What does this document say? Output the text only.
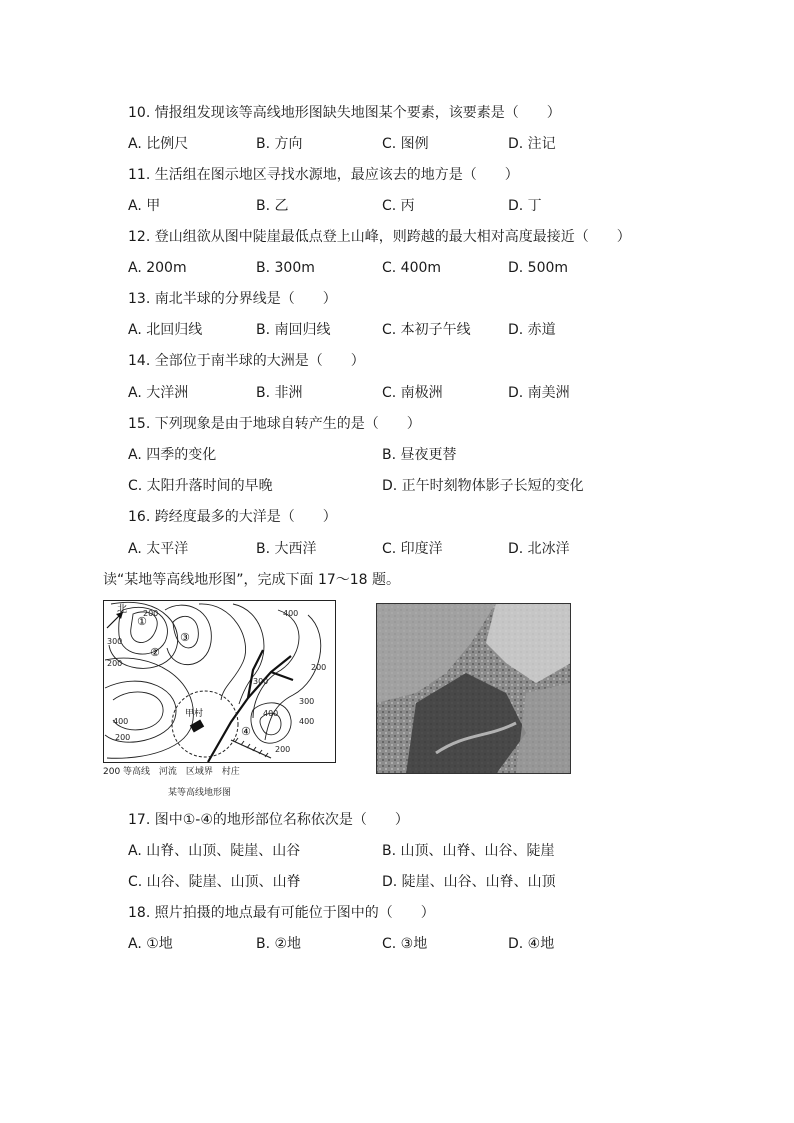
10. 情报组发现该等高线地形图缺失地图某个要素，该要素是（　　）
A. 比例尺	B. 方向	C. 图例	D. 注记
11. 生活组在图示地区寻找水源地，最应该去的地方是（　　）
A. 甲	B. 乙	C. 丙	D. 丁
12. 登山组欲从图中陡崖最低点登上山峰，则跨越的最大相对高度最接近（　　）
A. 200m	B. 300m	C. 400m	D. 500m
13. 南北半球的分界线是（　　）
A. 北回归线	B. 南回归线	C. 本初子午线	D. 赤道
14. 全部位于南半球的大洲是（　　）
A. 大洋洲	B. 非洲	C. 南极洲	D. 南美洲
15. 下列现象是由于地球自转产生的是（　　）
A. 四季的变化	B. 昼夜更替
C. 太阳升落时间的早晚	D. 正午时刻物体影子长短的变化
16. 跨经度最多的大洋是（　　）
A. 太平洋	B. 大西洋	C. 印度洋	D. 北冰洋
读“某地等高线地形图”，完成下面 17～18 题。
北
①
②
③
④
甲村
200
300
400
200
400
300
200
400
200
200
300
400
200 等高线 河流 区域界 村庄
某等高线地形图
17. 图中①-④的地形部位名称依次是（　　）
A. 山脊、山顶、陡崖、山谷	B. 山顶、山脊、山谷、陡崖
C. 山谷、陡崖、山顶、山脊	D. 陡崖、山谷、山脊、山顶
18. 照片拍摄的地点最有可能位于图中的（　　）
A. ①地	B. ②地	C. ③地	D. ④地
